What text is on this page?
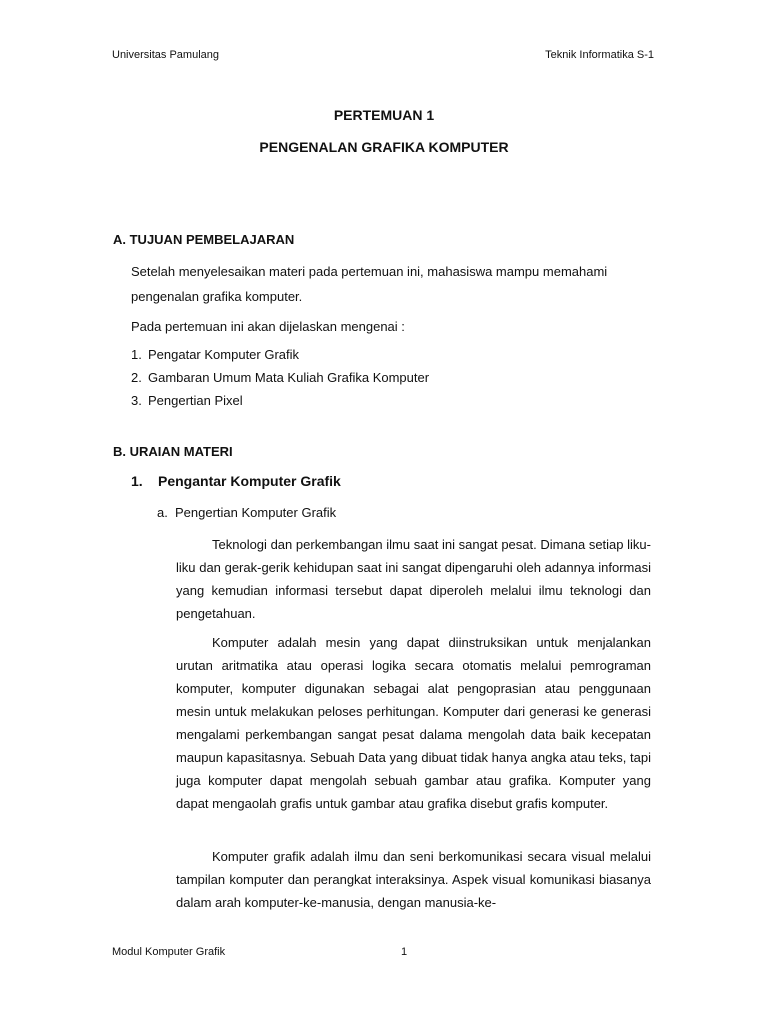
Universitas Pamulang	Teknik Informatika S-1
PERTEMUAN 1
PENGENALAN GRAFIKA KOMPUTER
A. TUJUAN PEMBELAJARAN

Setelah menyelesaikan materi pada pertemuan ini, mahasiswa mampu memahami pengenalan grafika komputer.

Pada pertemuan ini akan dijelaskan mengenai :

1. Pengatar Komputer Grafik
2. Gambaran Umum Mata Kuliah Grafika Komputer
3. Pengertian Pixel
B. URAIAN MATERI
1.	Pengantar Komputer Grafik
a. Pengertian Komputer Grafik

Teknologi dan perkembangan ilmu saat ini sangat pesat. Dimana setiap liku-liku dan gerak-gerik kehidupan saat ini sangat dipengaruhi oleh adannya informasi yang kemudian informasi tersebut dapat diperoleh melalui ilmu teknologi dan pengetahuan.

Komputer adalah mesin yang dapat diinstruksikan untuk menjalankan urutan aritmatika atau operasi logika secara otomatis melalui pemrograman komputer, komputer digunakan sebagai alat pengoprasian atau penggunaan mesin untuk melakukan peloses perhitungan. Komputer dari generasi ke generasi mengalami perkembangan sangat pesat dalama mengolah data baik kecepatan maupun kapasitasnya. Sebuah Data yang dibuat tidak hanya angka atau teks, tapi juga komputer dapat mengolah sebuah gambar atau grafika. Komputer yang dapat mengaolah grafis untuk gambar atau grafika disebut grafis komputer.

Komputer grafik adalah ilmu dan seni berkomunikasi secara visual melalui tampilan komputer dan perangkat interaksinya. Aspek visual komunikasi biasanya dalam arah komputer-ke-manusia, dengan manusia-ke-

Modul Komputer Grafik	1
